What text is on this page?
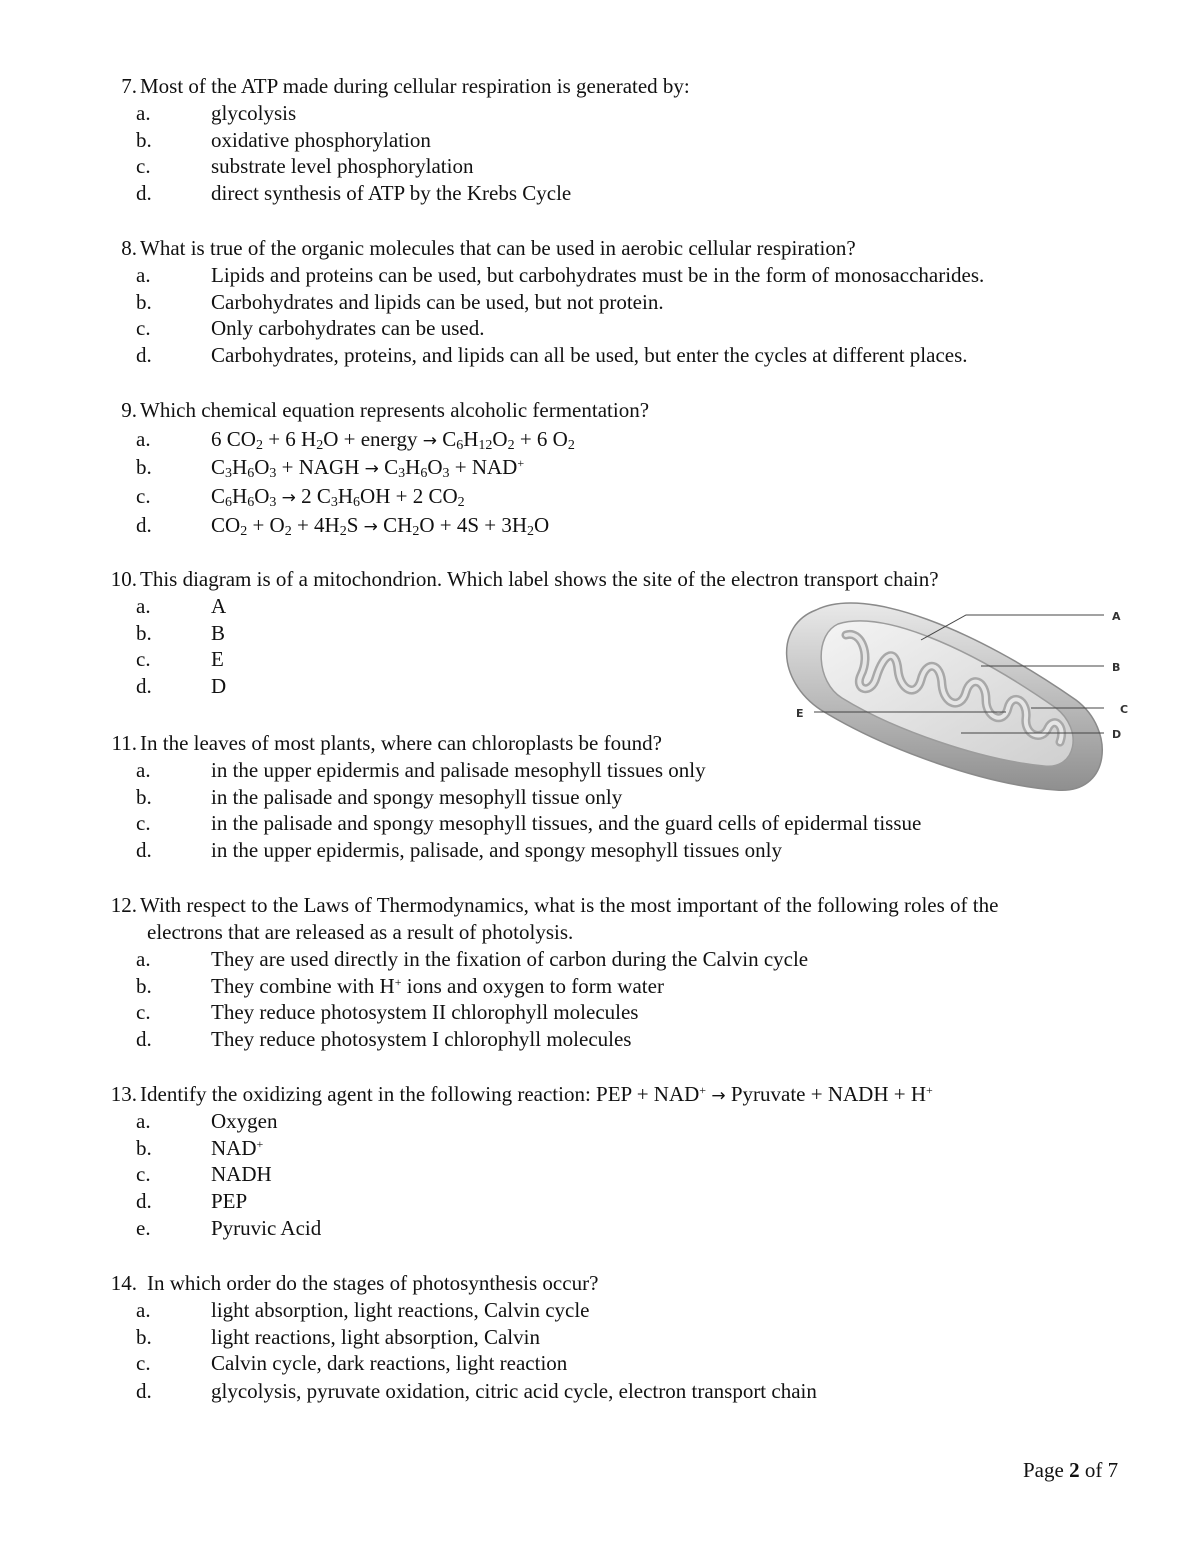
7. Most of the ATP made during cellular respiration is generated by:
a.	glycolysis
b.	oxidative phosphorylation
c.	substrate level phosphorylation
d.	direct synthesis of ATP by the Krebs Cycle
8. What is true of the organic molecules that can be used in aerobic cellular respiration?
a.	Lipids and proteins can be used, but carbohydrates must be in the form of monosaccharides.
b.	Carbohydrates and lipids can be used, but not protein.
c.	Only carbohydrates can be used.
d.	Carbohydrates, proteins, and lipids can all be used, but enter the cycles at different places.
9. Which chemical equation represents alcoholic fermentation?
a.	6 $CO_2 + 6$ $H_2O$ + energy → $C_6H_{12}O_2 + 6$ $O_2$
b.	$C_3H_6O_3$ + NAGH → $C_3H_6O_3 + NAD^+$
c.	$C_6H_6O_3 \to 2$ $C_3H_6OH + 2$ $CO_2$
d.	$CO_2 + O_2 + 4H_2S \to CH_2O + 4S + 3H_2O$
10. This diagram is of a mitochondrion. Which label shows the site of the electron transport chain?
a.	A
b.	B
c.	E
d.	D
A
B
C
D
E
11. In the leaves of most plants, where can chloroplasts be found?
a.	in the upper epidermis and palisade mesophyll tissues only
b.	in the palisade and spongy mesophyll tissue only
c.	in the palisade and spongy mesophyll tissues, and the guard cells of epidermal tissue
d.	in the upper epidermis, palisade, and spongy mesophyll tissues only
12. With respect to the Laws of Thermodynamics, what is the most important of the following roles of the
electrons that are released as a result of photolysis.
a.	They are used directly in the fixation of carbon during the Calvin cycle
b.	They combine with H+ ions and oxygen to form water
c.	They reduce photosystem II chlorophyll molecules
d.	They reduce photosystem I chlorophyll molecules
13. Identify the oxidizing agent in the following reaction: PEP + NAD+ → Pyruvate + NADH + H+
a.	Oxygen
b.	NAD+
c.	NADH
d.	PEP
e.	Pyruvic Acid
14. In which order do the stages of photosynthesis occur?
a.	light absorption, light reactions, Calvin cycle
b.	light reactions, light absorption, Calvin
c.	Calvin cycle, dark reactions, light reaction
d.	glycolysis, pyruvate oxidation, citric acid cycle, electron transport chain
Page 2 of 7
